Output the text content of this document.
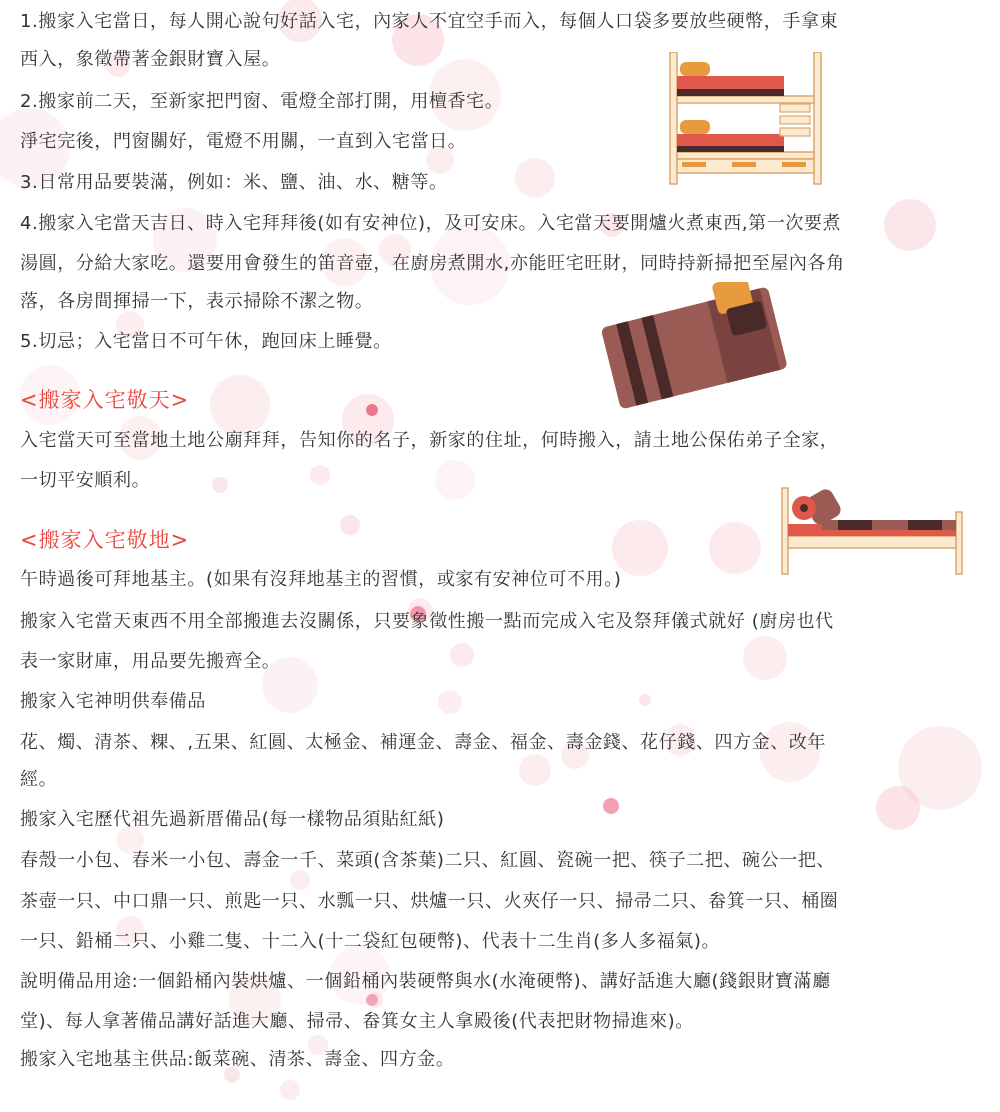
1.搬家入宅當日，每人開心說句好話入宅，內家人不宜空手而入，每個人口袋多要放些硬幣，手拿東
西入，象徵帶著金銀財寶入屋。
2.搬家前二天，至新家把門窗、電燈全部打開，用檀香宅。
淨宅完後，門窗關好，電燈不用關，一直到入宅當日。
3.日常用品要裝滿，例如：米、鹽、油、水、糖等。
4.搬家入宅當天吉日、時入宅拜拜後(如有安神位)，及可安床。入宅當天要開爐火煮東西,第一次要煮
湯圓，分給大家吃。還要用會發生的笛音壺，在廚房煮開水,亦能旺宅旺財，同時持新掃把至屋內各角
落，各房間揮掃一下，表示掃除不潔之物。
5.切忌；入宅當日不可午休，跑回床上睡覺。
<搬家入宅敬天>
入宅當天可至當地土地公廟拜拜，告知你的名子，新家的住址，何時搬入，請土地公保佑弟子全家，
一切平安順利。
<搬家入宅敬地>
午時過後可拜地基主。(如果有沒拜地基主的習慣，或家有安神位可不用。)
搬家入宅當天東西不用全部搬進去沒關係，只要象徵性搬一點而完成入宅及祭拜儀式就好 (廚房也代
表一家財庫，用品要先搬齊全。
搬家入宅神明供奉備品
花、燭、清茶、粿、,五果、紅圓、太極金、補運金、壽金、福金、壽金錢、花仔錢、四方金、改年
經。
搬家入宅歷代祖先過新厝備品(每一樣物品須貼紅紙)
春殼一小包、春米一小包、壽金一千、菜頭(含茶葉)二只、紅圓、瓷碗一把、筷子二把、碗公一把、
茶壺一只、中口鼎一只、煎匙一只、水瓢一只、烘爐一只、火夾仔一只、掃帚二只、畚箕一只、桶圈
一只、鉛桶二只、小雞二隻、十二入(十二袋紅包硬幣)、代表十二生肖(多人多福氣)。
說明備品用途:一個鉛桶內裝烘爐、一個鉛桶內裝硬幣與水(水淹硬幣)、講好話進大廳(錢銀財寶滿廳
堂)、每人拿著備品講好話進大廳、掃帚、畚箕女主人拿殿後(代表把財物掃進來)。
搬家入宅地基主供品:飯菜碗、清茶、壽金、四方金。
